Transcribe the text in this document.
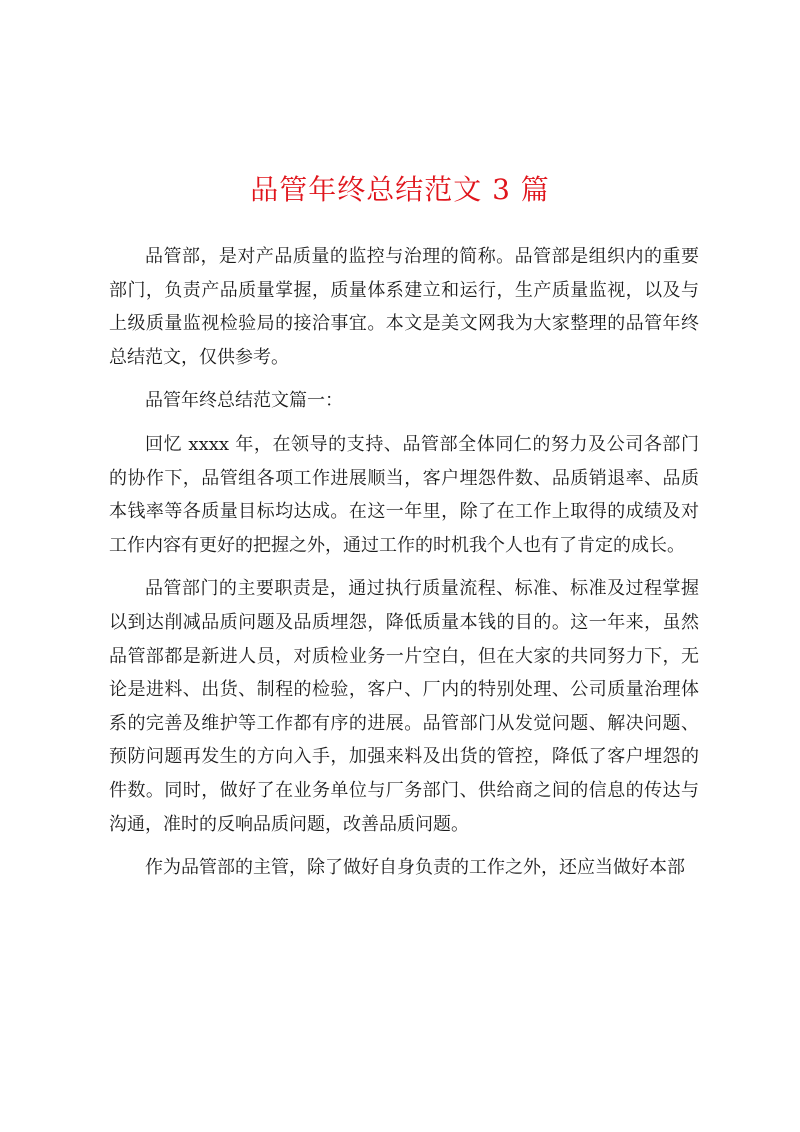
品管年终总结范文 3 篇

品管部，是对产品质量的监控与治理的简称。品管部是组织内的重要部门，负责产品质量掌握，质量体系建立和运行，生产质量监视，以及与上级质量监视检验局的接洽事宜。本文是美文网我为大家整理的品管年终总结范文，仅供参考。

品管年终总结范文篇一：

回忆 xxxx 年，在领导的支持、品管部全体同仁的努力及公司各部门的协作下，品管组各项工作进展顺当，客户埋怨件数、品质销退率、品质本钱率等各质量目标均达成。在这一年里，除了在工作上取得的成绩及对工作内容有更好的把握之外，通过工作的时机我个人也有了肯定的成长。

品管部门的主要职责是，通过执行质量流程、标准、标准及过程掌握以到达削减品质问题及品质埋怨，降低质量本钱的目的。这一年来，虽然品管部都是新进人员，对质检业务一片空白，但在大家的共同努力下，无论是进料、出货、制程的检验，客户、厂内的特别处理、公司质量治理体系的完善及维护等工作都有序的进展。品管部门从发觉问题、解决问题、预防问题再发生的方向入手，加强来料及出货的管控，降低了客户埋怨的件数。同时，做好了在业务单位与厂务部门、供给商之间的信息的传达与沟通，准时的反响品质问题，改善品质问题。

作为品管部的主管，除了做好自身负责的工作之外，还应当做好本部
